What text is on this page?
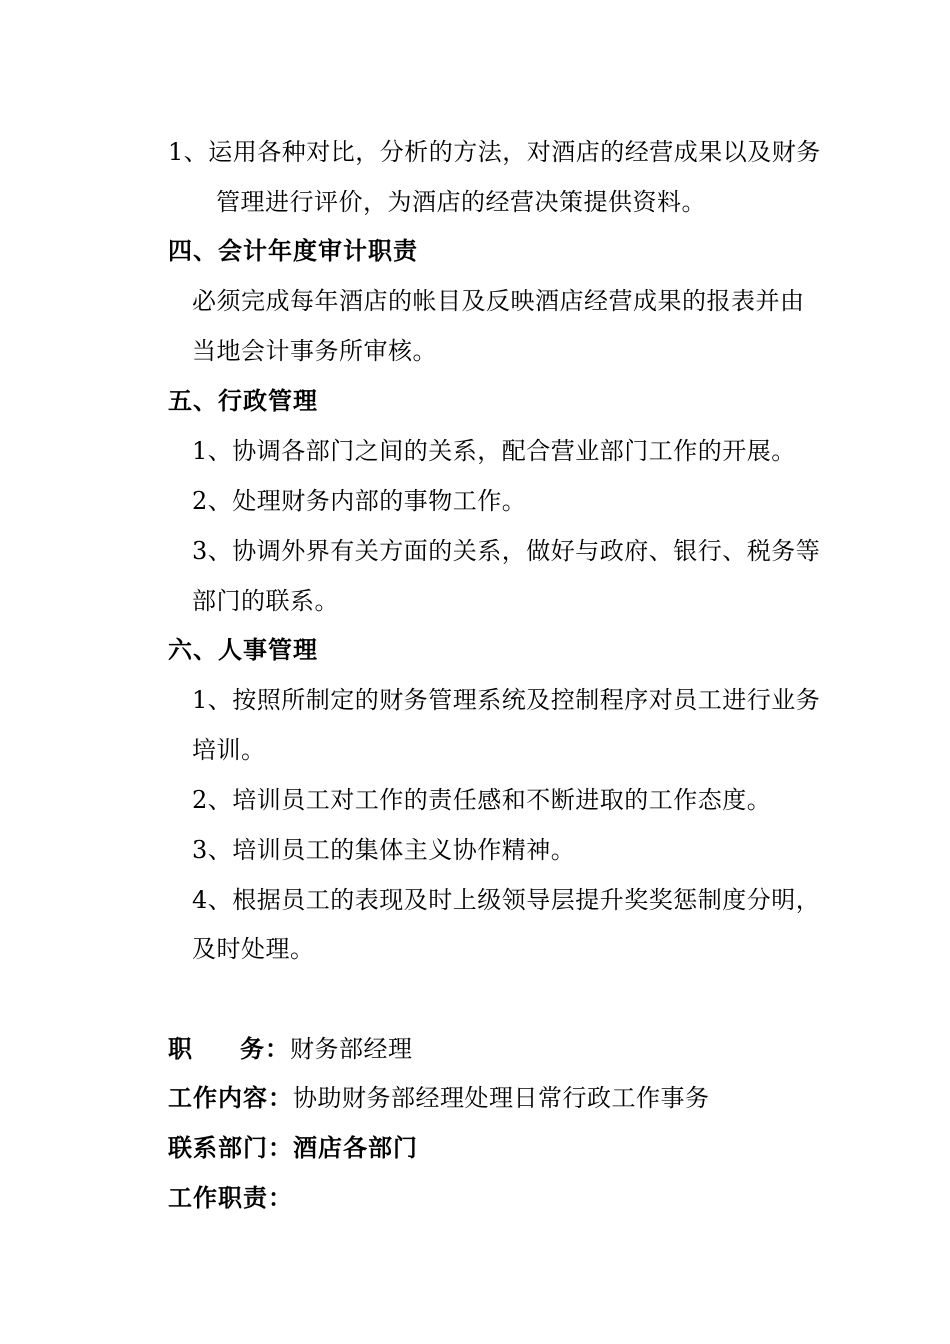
1、运用各种对比，分析的方法，对酒店的经营成果以及财务
管理进行评价，为酒店的经营决策提供资料。
四、会计年度审计职责
必须完成每年酒店的帐目及反映酒店经营成果的报表并由
当地会计事务所审核。
五、行政管理
1、协调各部门之间的关系，配合营业部门工作的开展。
2、处理财务内部的事物工作。
3、协调外界有关方面的关系，做好与政府、银行、税务等
部门的联系。
六、人事管理
1、按照所制定的财务管理系统及控制程序对员工进行业务
培训。
2、培训员工对工作的责任感和不断进取的工作态度。
3、培训员工的集体主义协作精神。
4、根据员工的表现及时上级领导层提升奖奖惩制度分明，
及时处理。
职 务：财务部经理
工作内容：协助财务部经理处理日常行政工作事务
联系部门：酒店各部门
工作职责：
